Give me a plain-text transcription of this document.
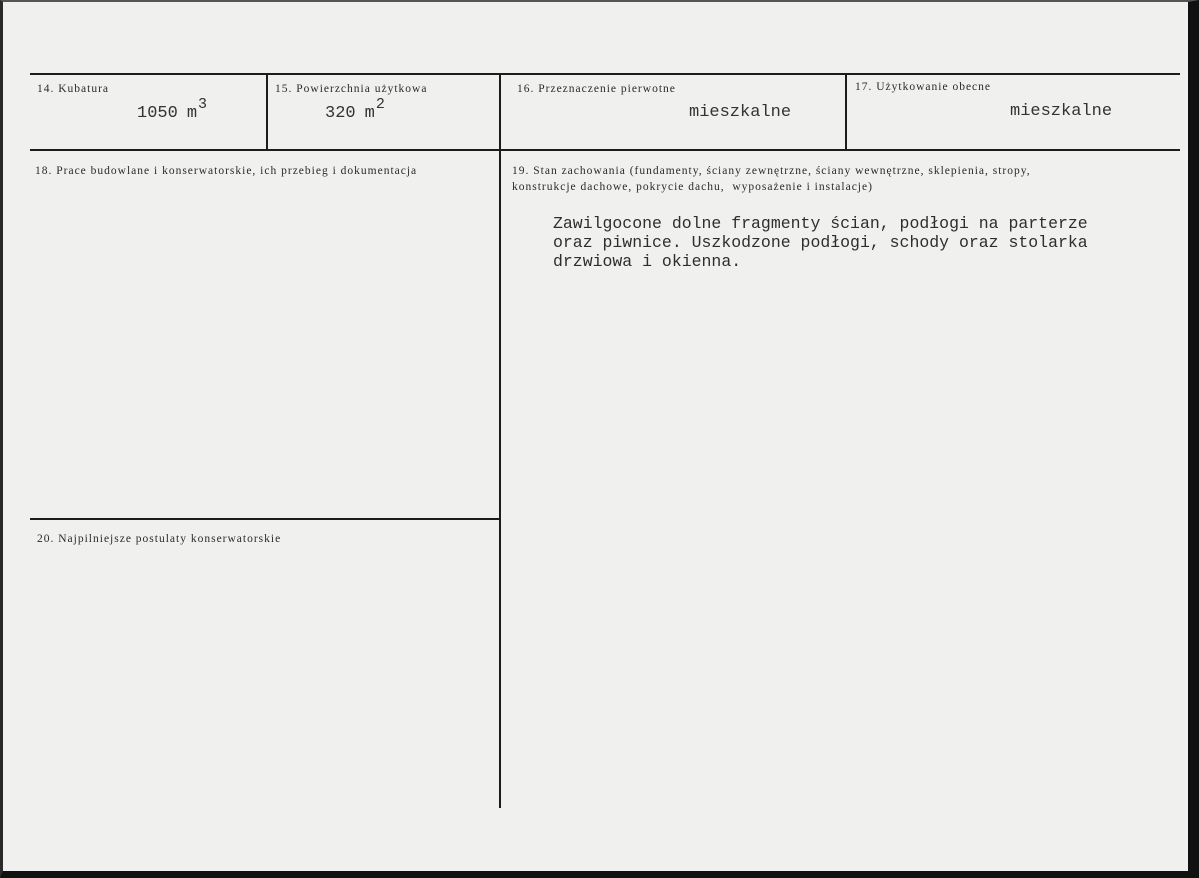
14. Kubatura
1050 m3
15. Powierzchnia użytkowa
320 m2
16. Przeznaczenie pierwotne
mieszkalne
17. Użytkowanie obecne
mieszkalne
18. Prace budowlane i konserwatorskie, ich przebieg i dokumentacja	19. Stan zachowania (fundamenty, ściany zewnętrzne, ściany wewnętrzne, sklepienia, stropy,
konstrukcje dachowe, pokrycie dachu,  wyposażenie i instalacje)
Zawilgocone dolne fragmenty ścian, podłogi na parterze
oraz piwnice. Uszkodzone podłogi, schody oraz stolarka
drzwiowa i okienna.
20. Najpilniejsze postulaty konserwatorskie
